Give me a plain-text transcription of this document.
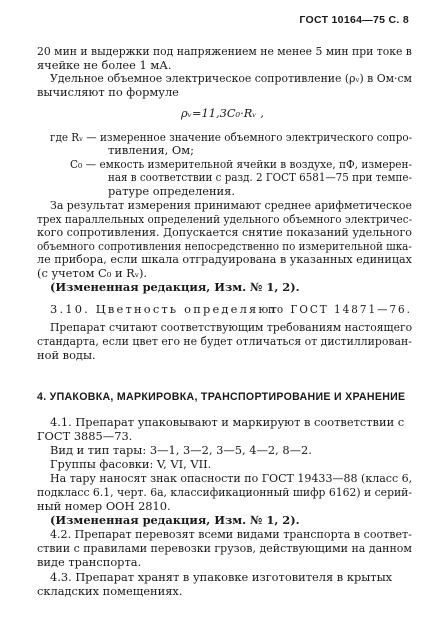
ГОСТ 10164—75 С. 8
20 мин и выдержки под напряжением не менее 5 мин при токе в
ячейке не более 1 мА.
Удельное объемное электрическое сопротивление (ρᵥ) в Ом·см
вычисляют по формуле
ρᵥ=11,3C₀·Rᵥ ,
где Rᵥ — измеренное значение объемного электрического сопро-
тивления, Ом;
C₀ — емкость измерительной ячейки в воздухе, пФ, измерен-
ная в соответствии с разд. 2 ГОСТ 6581—75 при темпе-
ратуре определения.
За результат измерения принимают среднее арифметическое
трех параллельных определений удельного объемного электричес-
кого сопротивления. Допускается снятие показаний удельного
объемного сопротивления непосредственно по измерительной шка-
ле прибора, если шкала отградуирована в указанных единицах
(с учетом C₀ и Rᵥ).
(Измененная редакция, Изм. № 1, 2).
3.10. Цветность определяют
по ГОСТ 14871—76.
Препарат считают соответствующим требованиям настоящего
стандарта, если цвет его не будет отличаться от дистиллирован-
ной воды.
4. УПАКОВКА, МАРКИРОВКА, ТРАНСПОРТИРОВАНИЕ И ХРАНЕНИЕ
4.1. Препарат упаковывают и маркируют в соответствии с
ГОСТ 3885—73.
Вид и тип тары: 3—1, 3—2, 3—5, 4—2, 8—2.
Группы фасовки: V, VI, VII.
На тару наносят знак опасности по ГОСТ 19433—88 (класс 6,
подкласс 6.1, черт. 6а, классификационный шифр 6162) и серий-
ный номер ООН 2810.
(Измененная редакция, Изм. № 1, 2).
4.2. Препарат перевозят всеми видами транспорта в соответ-
ствии с правилами перевозки грузов, действующими на данном
виде транспорта.
4.3. Препарат хранят в упаковке изготовителя в крытых
складских помещениях.
